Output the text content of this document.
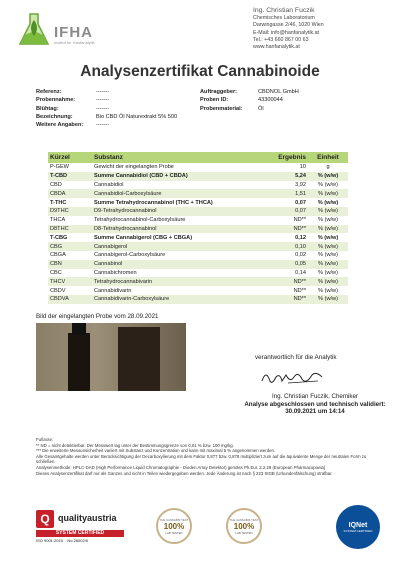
IFHA
Institut für Hanfanalytik
Ing. Christian Fuczik
Chemisches Laboratorium
Darwingasse 2/46, 1020 Wien
E-Mail: info@hanfanalytik.at
Tel.: +43 660 867 00 63
www.hanfanalytik.at
Analysenzertifikat Cannabinoide
Referenz:	-------
Probennahme:	-------
Blühtag:	-------
Bezeichnung:	Bio CBD Öl Naturextrakt 5% 500
Weitere Angaben:	-------
Auftraggeber:	CBDNOL GmbH
Proben ID:	43300044
Probenmaterial:	Öl
Kürzel	Substanz	Ergebnis	Einheit
P-GEW	Gewicht der eingelangten Probe	10	g
T-CBD	Summe Cannabidiol (CBD + CBDA)	5,24	% (w/w)
CBD	Cannabidiol	3,92	% (w/w)
CBDA	Cannabidiol-Carboxylsäure	1,51	% (w/w)
T-THC	Summe Tetrahydrocannabinol (THC + THCA)	0,07	% (w/w)
D9THC	D9-Tetrahydrocannabinol	0,07	% (w/w)
THCA	Tetrahydrocannabinol-Carboxylsäure	ND**	% (w/w)
D8THC	D8-Tetrahydrocannabinol	ND**	% (w/w)
T-CBG	Summe Cannabigerol (CBG + CBGA)	0,12	% (w/w)
CBG	Cannabigerol	0,10	% (w/w)
CBGA	Cannabigerol-Carboxylsäure	0,02	% (w/w)
CBN	Cannabinol	0,05	% (w/w)
CBC	Cannabichromen	0,14	% (w/w)
THCV	Tetrahydrocannabivarin	ND**	% (w/w)
CBDV	Cannabidivarin	ND**	% (w/w)
CBDVA	Cannabidivarin-Carboxylsäure	ND**	% (w/w)
Bild der eingelangten Probe vom 28.09.2021
verantwortlich für die Analytik
Ing. Christian Fuczik, Chemiker
Analyse abgeschlossen und technisch validiert:
30.09.2021 um 14:14
Fußnote:
** ND = nicht detektierbar. Der Messwert lag unter der Bestimmungsgrenze von 0,01 % bzw. 100 mg/kg.
*** Die erweiterte Messunsicherheit variiert mit Substanz und Konzentration und kann mit maximal 5 % angenommen werden.
Alle Gesamtgehalte werden unter Berücksichtigung der Decarboxylierung mit dem Faktor 0,877 bzw. 0,878 multipliziert zum auf die äquivalente Menge der neutralen Form zu schließen.
Analysenmethode: HPLC-DAD (High Performance Liquid Chromatographie - Dioden Array Detektor) gemäss Ph.Eur. 2.2.29 (European Pharmacopoeia)
Dieses Analysenzertifikat darf nur als Ganzes und nicht in Teilen wiedergegeben werden. Jede Änderung ist nach § 223 StGB (Urkundenfälschung) strafbar.
Q qualityaustria
SYSTEM CERTIFIED
ISO 9001:2015 No.26002/0
THE CANNABIS TEST
100%
LAB TESTED
THE CANNABIS TEST
100%
LAB TESTED
IQNet
SYSTEM CERTIFIED
